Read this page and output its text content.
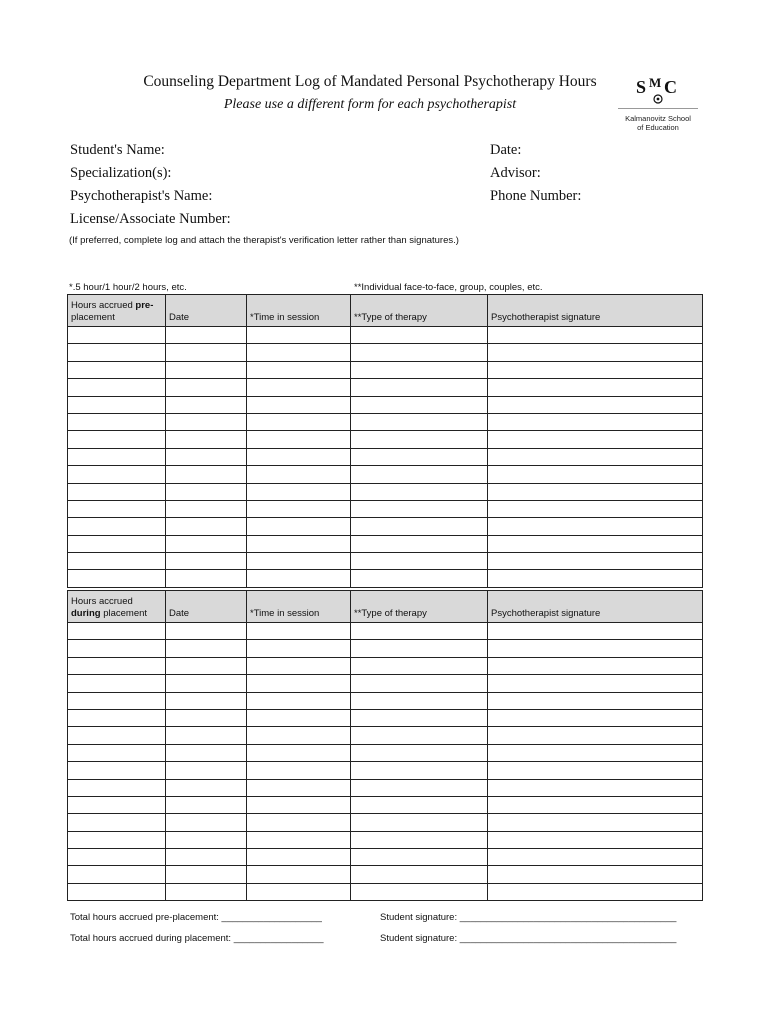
Counseling Department Log of Mandated Personal Psychotherapy Hours
Please use a different form for each psychotherapist
S M C
Kalmanovitz School
of Education
Student's Name:
Specialization(s):
Psychotherapist's Name:
License/Associate Number:
Date:
Advisor:
Phone Number:
(If preferred, complete log and attach the therapist's verification letter rather than signatures.)
*.5 hour/1 hour/2 hours, etc.	**Individual face-to-face, group, couples, etc.
Hours accrued pre-
placement	Date	*Time in session	**Type of therapy	Psychotherapist signature

Hours accrued
during placement	Date	*Time in session	**Type of therapy	Psychotherapist signature

Total hours accrued pre-placement: ___________________
Total hours accrued during placement: _________________
Student signature: _________________________________________
Student signature: _________________________________________
